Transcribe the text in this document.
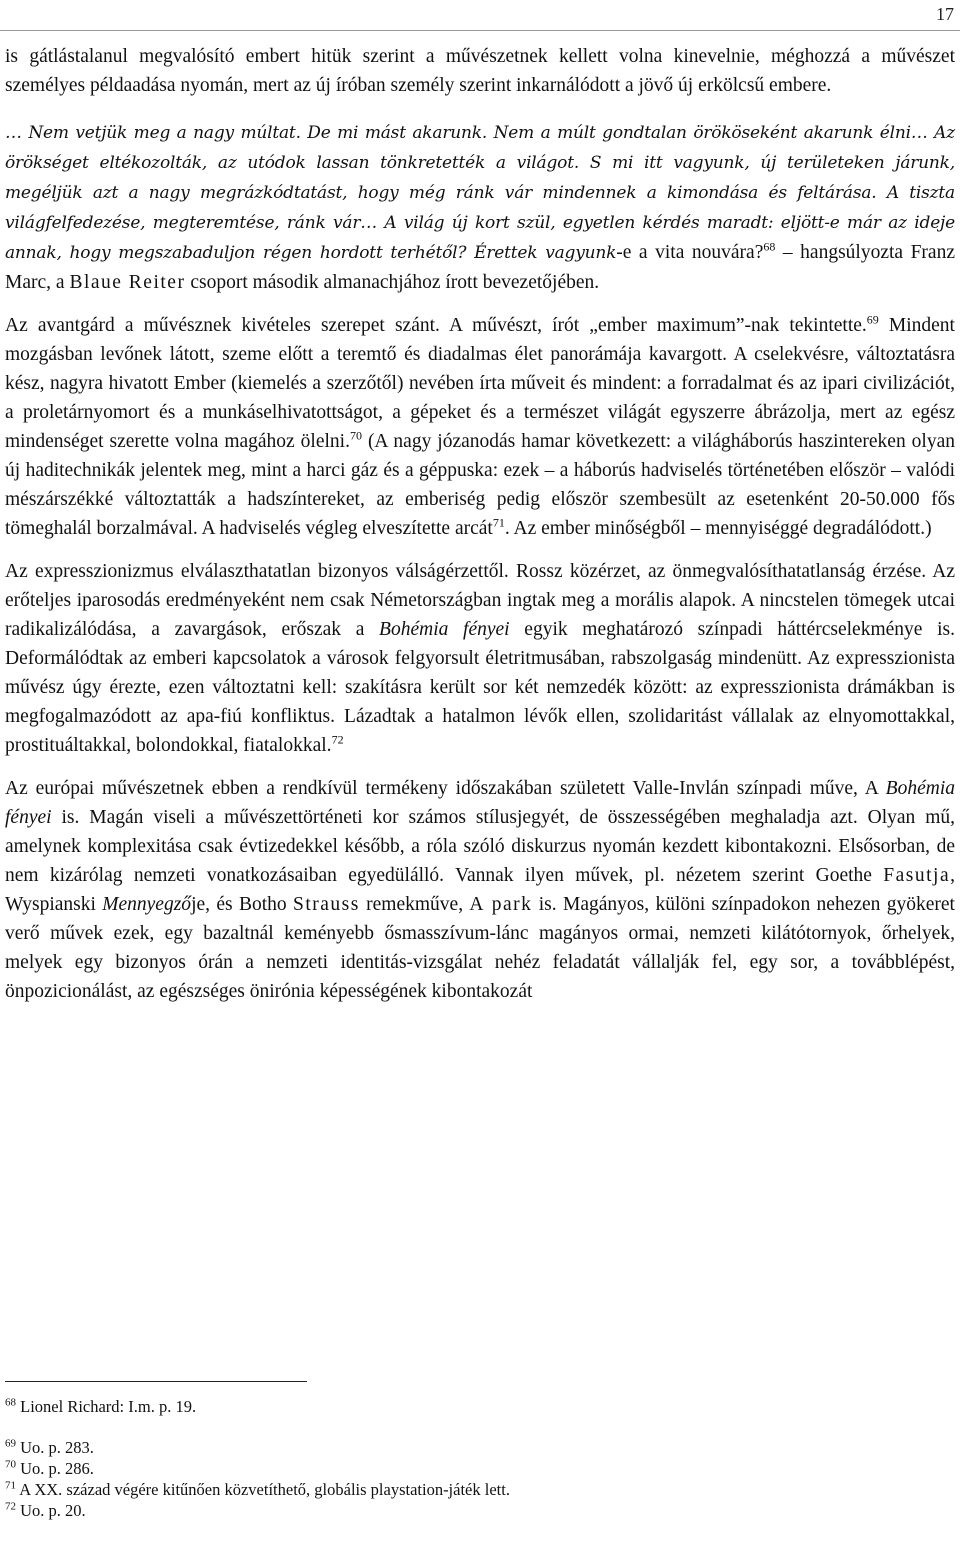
17

is gátlástalanul megvalósító embert hitük szerint a művészetnek kellett volna kinevelnie, méghozzá a művészet személyes példaadása nyomán, mert az új íróban személy szerint inkarnálódott a jövő új erkölcsű embere.

… Nem vetjük meg a nagy múltat. De mi mást akarunk. Nem a múlt gondtalan örököseként akarunk élni… Az örökséget eltékozolták, az utódok lassan tönkretették a világot. S mi itt vagyunk, új területeken járunk, megéljük azt a nagy megrázkódtatást, hogy még ránk vár mindennek a kimondása és feltárása. A tiszta világfelfedezése, megteremtése, ránk vár… A világ új kort szül, egyetlen kérdés maradt: eljött-e már az ideje annak, hogy megszabaduljon régen hordott terhétől? Érettek vagyunk-e a vita nouvára?$^{68}$ – hangsúlyozta Franz Marc, a Blaue Reiter csoport második almanachjához írott bevezetőjében.

Az avantgárd a művésznek kivételes szerepet szánt. A művészt, írót „ember maximum”-nak tekintette.$^{69}$ Mindent mozgásban levőnek látott, szeme előtt a teremtő és diadalmas élet panorámája kavargott. A cselekvésre, változtatásra kész, nagyra hivatott Ember (kiemelés a szerzőtől) nevében írta műveit és mindent: a forradalmat és az ipari civilizációt, a proletárnyomort és a munkáselhivatottságot, a gépeket és a természet világát egyszerre ábrázolja, mert az egész mindenséget szerette volna magához ölelni.$^{70}$ (A nagy józanodás hamar következett: a világháborús haszintereken olyan új haditechnikák jelentek meg, mint a harci gáz és a géppuska: ezek – a háborús hadviselés történetében először – valódi mészárszékké változtatták a hadszíntereket, az emberiség pedig először szembesült az esetenként 20-50.000 fős tömeghalál borzalmával. A hadviselés végleg elveszítette arcát$^{71}$. Az ember minőségből – mennyiséggé degradálódott.)

Az expresszionizmus elválaszthatatlan bizonyos válságérzettől. Rossz közérzet, az önmegvalósíthatatlanság érzése. Az erőteljes iparosodás eredményeként nem csak Németországban ingtak meg a morális alapok. A nincstelen tömegek utcai radikalizálódása, a zavargások, erőszak a Bohémia fényei egyik meghatározó színpadi háttércselekménye is. Deformálódtak az emberi kapcsolatok a városok felgyorsult életritmusában, rabszolgaság mindenütt. Az expresszionista művész úgy érezte, ezen változtatni kell: szakításra került sor két nemzedék között: az expresszionista drámákban is megfogalmazódott az apa-fiú konfliktus. Lázadtak a hatalmon lévők ellen, szolidaritást vállalak az elnyomottakkal, prostituáltakkal, bolondokkal, fiatalokkal.$^{72}$

Az európai művészetnek ebben a rendkívül termékeny időszakában született Valle-Invlán színpadi műve, A Bohémia fényei is. Magán viseli a művészettörténeti kor számos stílusjegyét, de összességében meghaladja azt. Olyan mű, amelynek komplexitása csak évtizedekkel később, a róla szóló diskurzus nyomán kezdett kibontakozni. Elsősorban, de nem kizárólag nemzeti vonatkozásaiban egyedülálló. Vannak ilyen művek, pl. nézetem szerint Goethe Fasutja, Wyspianski Mennyegzője, és Botho Strauss remekműve, A park is. Magányos, különi színpadokon nehezen gyökeret verő művek ezek, egy bazaltnál keményebb ősmasszívum-lánc magányos ormai, nemzeti kilátótornyok, őrhelyek, melyek egy bizonyos órán a nemzeti identitás-vizsgálat nehéz feladatát vállalják fel, egy sor, a továbblépést, önpozicionálást, az egészséges önirónia képességének kibontakozát

$^{68}$ Lionel Richard: I.m. p. 19.

$^{69}$ Uo. p. 283.

$^{70}$ Uo. p. 286.

$^{71}$ A XX. század végére kitűnően közvetíthető, globális playstation-játék lett.

$^{72}$ Uo. p. 20.
